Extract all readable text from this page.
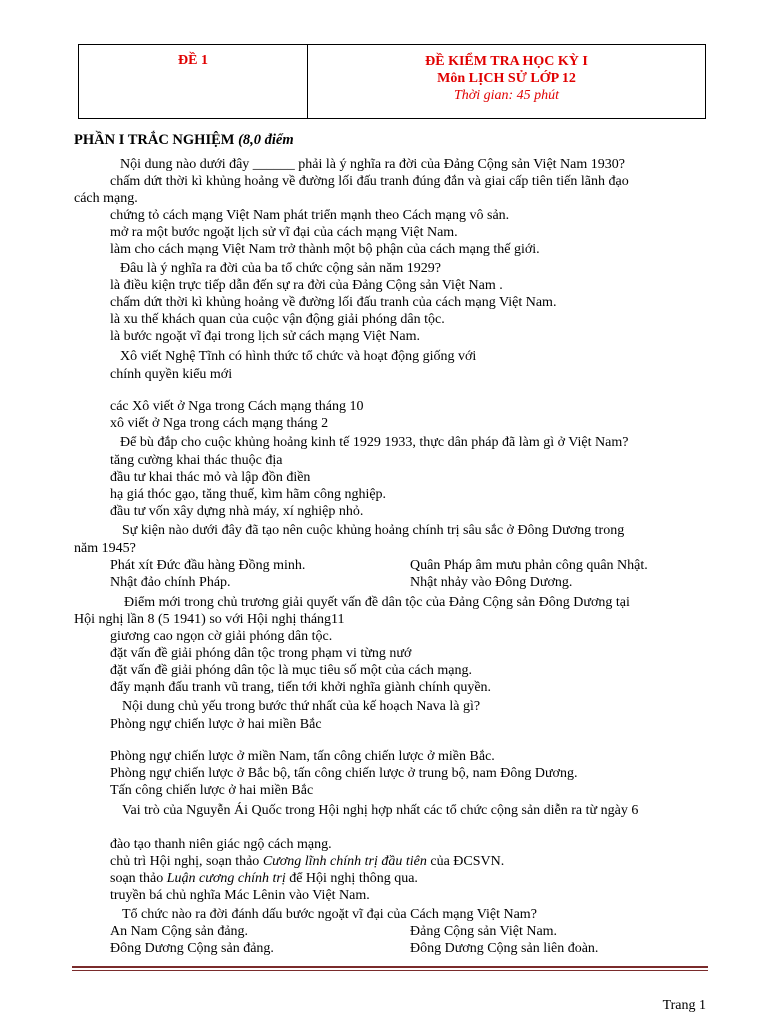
ĐỀ 1	ĐỀ KIỂM TRA HỌC KỲ I
Môn LỊCH SỬ LỚP 12
Thời gian: 45 phút
PHẦN I TRẮC NGHIỆM (8,0 điểm
Nội dung nào dưới đây ______ phải là ý nghĩa ra đời của Đảng Cộng sản Việt Nam 1930?
chấm dứt thời kì khủng hoảng về đường lối đấu tranh đúng đắn và giai cấp tiên tiến lãnh đạo
cách mạng.
chứng tỏ cách mạng Việt Nam phát triển mạnh theo Cách mạng vô sản.
mở ra một bước ngoặt lịch sử vĩ đại của cách mạng Việt Nam.
làm cho cách mạng Việt Nam trở thành một bộ phận của cách mạng thế giới.
Đâu là ý nghĩa ra đời của ba tổ chức cộng sản năm 1929?
là điều kiện trực tiếp dẫn đến sự ra đời của Đảng Cộng sản Việt Nam .
chấm dứt thời kì khủng hoảng về đường lối đấu tranh của cách mạng Việt Nam.
là xu thế khách quan của cuộc vận động giải phóng dân tộc.
là bước ngoặt vĩ đại trong lịch sử cách mạng Việt Nam.
Xô viết Nghệ Tĩnh có hình thức tổ chức và hoạt động giống với
chính quyền kiểu mới
các Xô viết ở Nga trong Cách mạng tháng 10
xô viết ở Nga trong cách mạng tháng 2
Để bù đắp cho cuộc khủng hoảng kinh tế 1929 1933, thực dân pháp đã làm gì ở Việt Nam?
tăng cường khai thác thuộc địa
đầu tư khai thác mỏ và lập đồn điền
hạ giá thóc gạo, tăng thuế, kìm hãm công nghiệp.
đầu tư vốn xây dựng nhà máy, xí nghiệp nhỏ.
Sự kiện nào dưới đây đã tạo nên cuộc khủng hoảng chính trị sâu sắc ở Đông Dương trong
năm 1945?
Phát xít Đức đầu hàng Đồng minh.	Quân Pháp âm mưu phản công quân Nhật.
Nhật đảo chính Pháp.	Nhật nhảy vào Đông Dương.
Điểm mới trong chủ trương giải quyết vấn đề dân tộc của Đảng Cộng sản Đông Dương tại
Hội nghị lần 8 (5 1941) so với Hội nghị tháng11
giương cao ngọn cờ giải phóng dân tộc.
đặt vấn đề giải phóng dân tộc trong phạm vi từng nướ
đặt vấn đề giải phóng dân tộc là mục tiêu số một của cách mạng.
đẩy mạnh đấu tranh vũ trang, tiến tới khởi nghĩa giành chính quyền.
Nội dung chủ yếu trong bước thứ nhất của kế hoạch Nava là gì?
Phòng ngự chiến lược ở hai miền Bắc
Phòng ngự chiến lược ở miền Nam, tấn công chiến lược ở miền Bắc.
Phòng ngự chiến lược ở Bắc bộ, tấn công chiến lược ở trung bộ, nam Đông Dương.
Tấn công chiến lược ở hai miền Bắc
Vai trò của Nguyễn Ái Quốc trong Hội nghị hợp nhất các tổ chức cộng sản diễn ra từ ngày 6
đào tạo thanh niên giác ngộ cách mạng.
chủ trì Hội nghị, soạn thảo Cương lĩnh chính trị đầu tiên của ĐCSVN.
soạn thảo Luận cương chính trị để Hội nghị thông qua.
truyền bá chủ nghĩa Mác Lênin vào Việt Nam.
Tổ chức nào ra đời đánh dấu bước ngoặt vĩ đại của Cách mạng Việt Nam?
An Nam Cộng sản đảng.	Đảng Cộng sản Việt Nam.
Đông Dương Cộng sản đảng.	Đông Dương Cộng sản liên đoàn.
Trang 1
